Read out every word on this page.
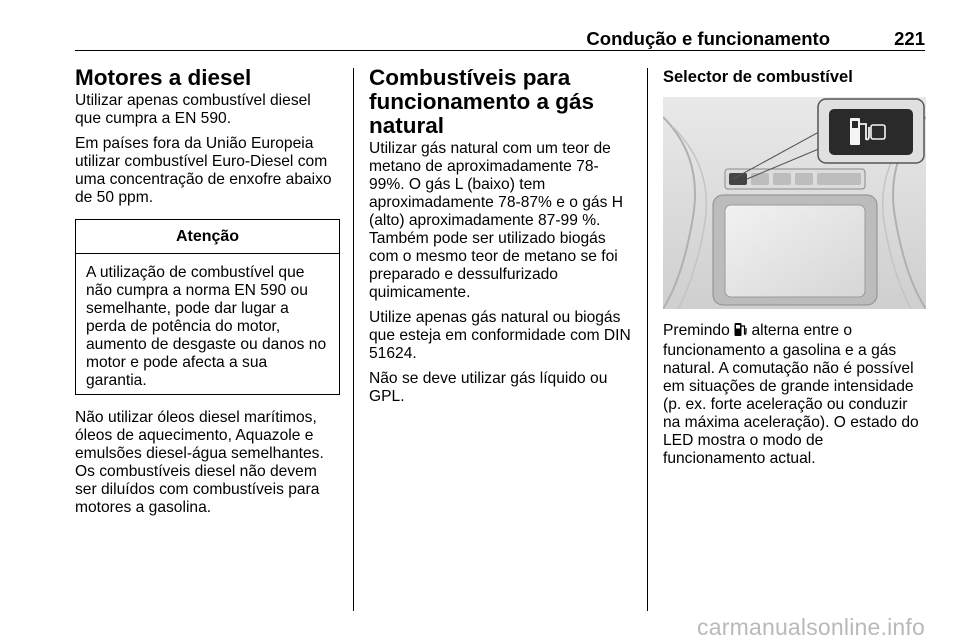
Condução e funcionamento	221
Motores a diesel

Utilizar apenas combustível diesel que cumpra a EN 590.

Em países fora da União Europeia utilizar combustível Euro-Diesel com uma concentração de enxofre abaixo de 50 ppm.

Atenção
A utilização de combustível que não cumpra a norma EN 590 ou semelhante, pode dar lugar a perda de potência do motor, aumento de desgaste ou danos no motor e pode afecta a sua garantia.

Não utilizar óleos diesel marítimos, óleos de aquecimento, Aquazole e emulsões diesel-água semelhantes. Os combustíveis diesel não devem ser diluídos com combustíveis para motores a gasolina.

Combustíveis para funcionamento a gás natural

Utilizar gás natural com um teor de metano de aproximadamente 78-99%. O gás L (baixo) tem aproximadamente 78-87% e o gás H (alto) aproximadamente 87-99 %. Também pode ser utilizado biogás com o mesmo teor de metano se foi preparado e dessulfurizado quimicamente.

Utilize apenas gás natural ou biogás que esteja em conformidade com DIN 51624.

Não se deve utilizar gás líquido ou GPL.

Selector de combustível

Premindo alterna entre o funcionamento a gasolina e a gás natural. A comutação não é possível em situações de grande intensidade (p. ex. forte aceleração ou conduzir na máxima aceleração). O estado do LED mostra o modo de funcionamento actual.

carmanualsonline.info
